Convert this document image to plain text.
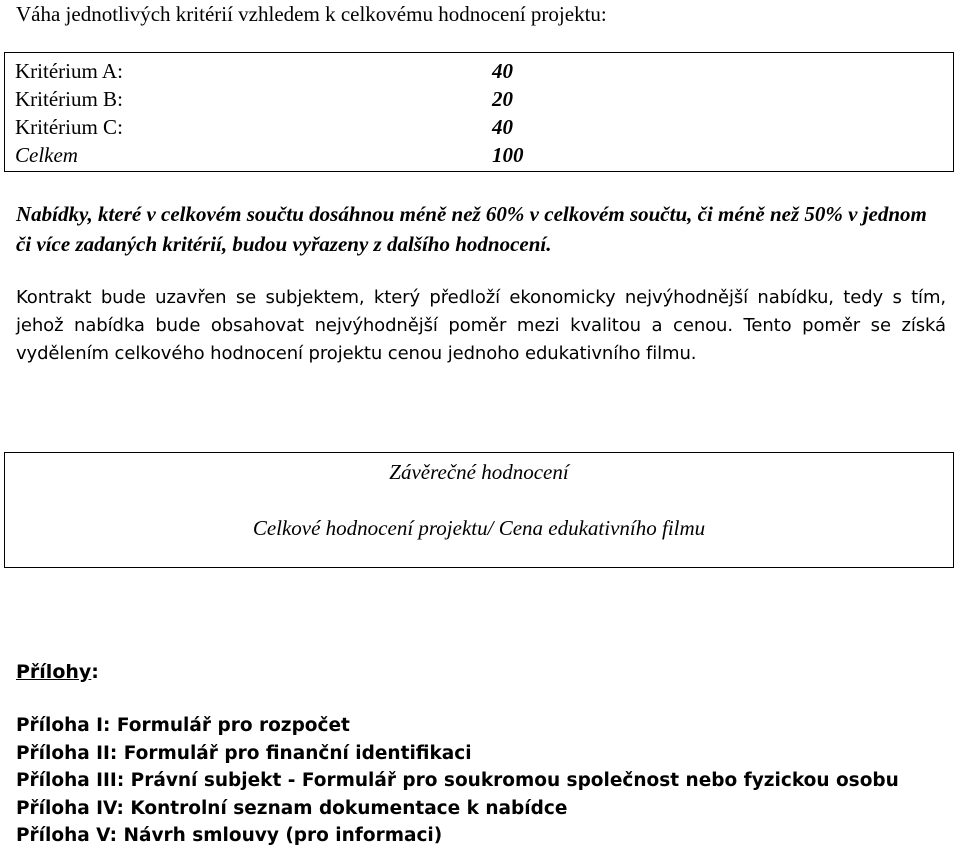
Váha jednotlivých kritérií vzhledem k celkovému hodnocení projektu:
Kritérium A:	40
Kritérium B:	20
Kritérium C:	40
Celkem	100
Nabídky, které v celkovém součtu dosáhnou méně než 60% v celkovém součtu, či méně než 50% v jednom či více zadaných kritérií, budou vyřazeny z dalšího hodnocení.
Kontrakt bude uzavřen se subjektem, který předloží ekonomicky nejvýhodnější nabídku, tedy s tím, jehož nabídka bude obsahovat nejvýhodnější poměr mezi kvalitou a cenou. Tento poměr se získá vydělením celkového hodnocení projektu cenou jednoho edukativního filmu.
Závěrečné hodnocení
Celkové hodnocení projektu/ Cena edukativního filmu
Přílohy:
Příloha I: Formulář pro rozpočet
Příloha II: Formulář pro finanční identifikaci
Příloha III: Právní subjekt - Formulář pro soukromou společnost nebo fyzickou osobu
Příloha IV: Kontrolní seznam dokumentace k nabídce
Příloha V: Návrh smlouvy (pro informaci)
